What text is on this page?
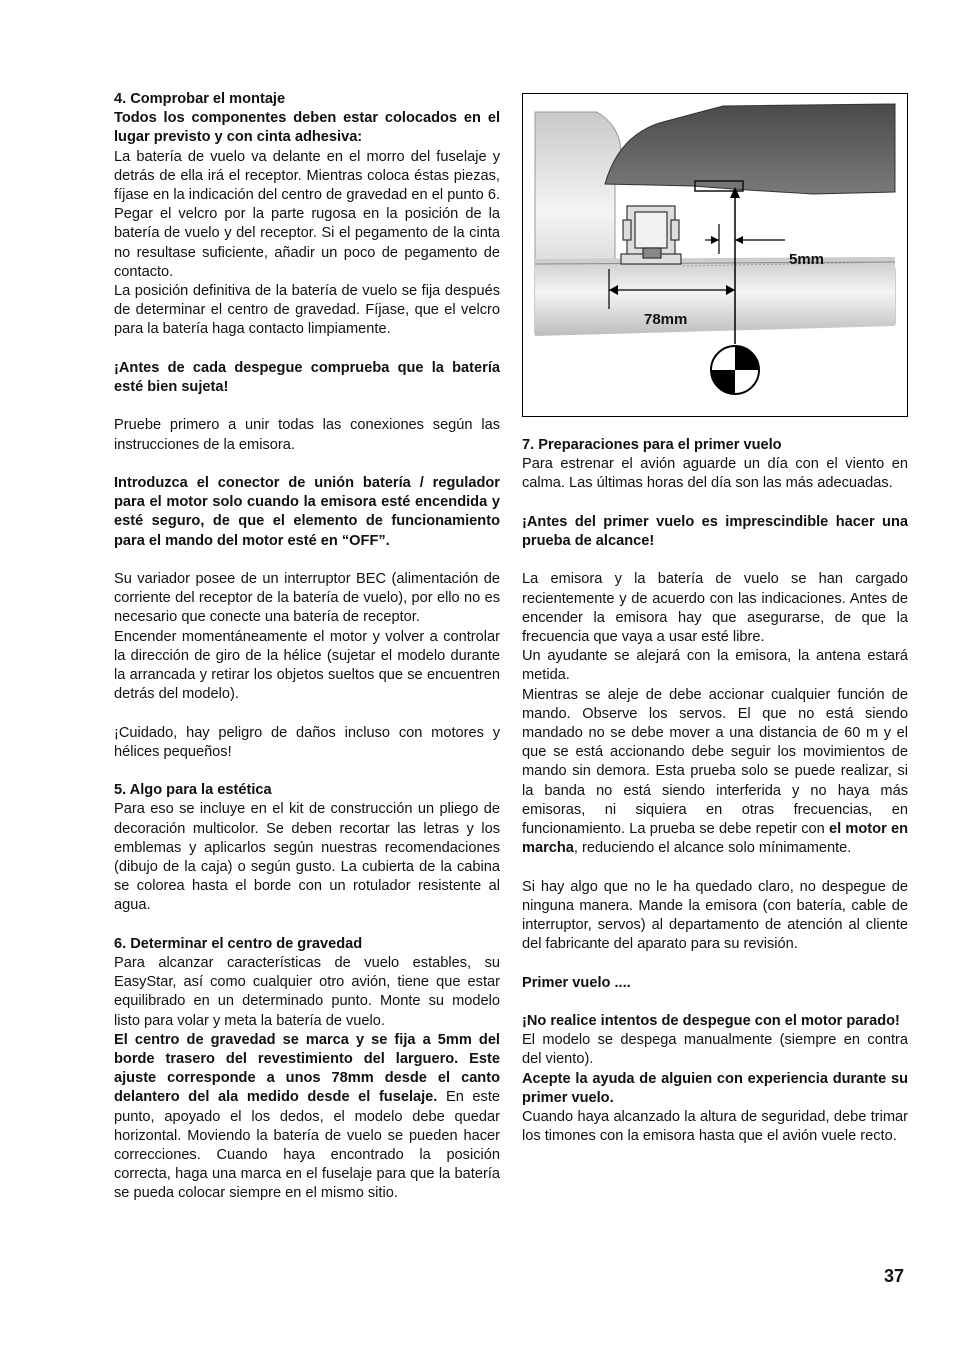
4. Comprobar el montaje

Todos los componentes deben estar colocados en el lugar previsto y con cinta adhesiva:

La batería de vuelo va delante en el morro del fuselaje y detrás de ella irá el receptor. Mientras coloca éstas piezas, fíjase en la indicación del centro de gravedad en el punto 6. Pegar el velcro por la parte rugosa en la posición de la batería de vuelo y del receptor. Si el pegamento de la cinta no resultase suficiente, añadir un poco de pegamento de contacto.

La posición definitiva de la batería de vuelo se fija después de determinar el centro de gravedad. Fíjase, que el velcro para la batería haga contacto limpiamente.

¡Antes de cada despegue comprueba que la batería esté bien sujeta!

Pruebe primero a unir todas las conexiones según las instrucciones de la emisora.

Introduzca el conector de unión batería / regulador para el motor solo cuando la emisora esté encendida y esté seguro, de que el elemento de funcionamiento para el mando del motor esté en “OFF”.

Su variador posee de un interruptor BEC (alimentación de corriente del receptor de la batería de vuelo), por ello no es necesario que conecte una batería de receptor.

Encender momentáneamente el motor y volver a controlar la dirección de giro de la hélice (sujetar el modelo durante la arrancada y retirar los objetos sueltos que se encuentren detrás del modelo).

¡Cuidado, hay peligro de daños incluso con motores y hélices pequeños!

5. Algo para la estética

Para eso se incluye en el kit de construcción un pliego de decoración multicolor. Se deben recortar las letras y los emblemas y aplicarlos según nuestras recomendaciones (dibujo de la caja) o según gusto. La cubierta de la cabina se colorea hasta el borde con un rotulador resistente al agua.

6. Determinar el centro de gravedad

Para alcanzar características de vuelo estables, su EasyStar, así como cualquier otro avión, tiene que estar equilibrado en un determinado punto. Monte su modelo listo para volar y meta la batería de vuelo.

El centro de gravedad se marca y se fija a 5mm del borde trasero del revestimiento del larguero. Este ajuste corresponde a unos 78mm desde el canto delantero del ala medido desde el fuselaje. En este punto, apoyado el los dedos, el modelo debe quedar horizontal. Moviendo la batería de vuelo se pueden hacer correcciones. Cuando haya encontrado la posición correcta, haga una marca en el fuselaje para que la batería se pueda colocar siempre en el mismo sitio.

5mm
78mm

7. Preparaciones para el primer vuelo

Para estrenar el avión aguarde un día con el viento en calma. Las últimas horas del día son las más adecuadas.

¡Antes del primer vuelo es imprescindible hacer una prueba de alcance!

La emisora y la batería de vuelo se han cargado recientemente y de acuerdo con las indicaciones. Antes de encender la emisora hay que asegurarse, de que la frecuencia que vaya a usar esté libre.

Un ayudante se alejará con la emisora, la antena estará metida.

Mientras se aleje de debe accionar cualquier función de mando. Observe los servos. El que no está siendo mandado no se debe mover a una distancia de 60 m y el que se está accionando debe seguir los movimientos de mando sin demora. Esta prueba solo se puede realizar, si la banda no está siendo interferida y no haya más emisoras, ni siquiera en otras frecuencias, en funcionamiento. La prueba se debe repetir con el motor en marcha, reduciendo el alcance solo mínimamente.

Si hay algo que no le ha quedado claro, no despegue de ninguna manera. Mande la emisora (con batería, cable de interruptor, servos) al departamento de atención al cliente del fabricante del aparato para su revisión.

Primer vuelo ....

¡No realice intentos de despegue con el motor parado!

El modelo se despega manualmente (siempre en contra del viento).

Acepte la ayuda de alguien con experiencia durante su primer vuelo.

Cuando haya alcanzado la altura de seguridad, debe trimar los timones con la emisora hasta que el avión vuele recto.

37
